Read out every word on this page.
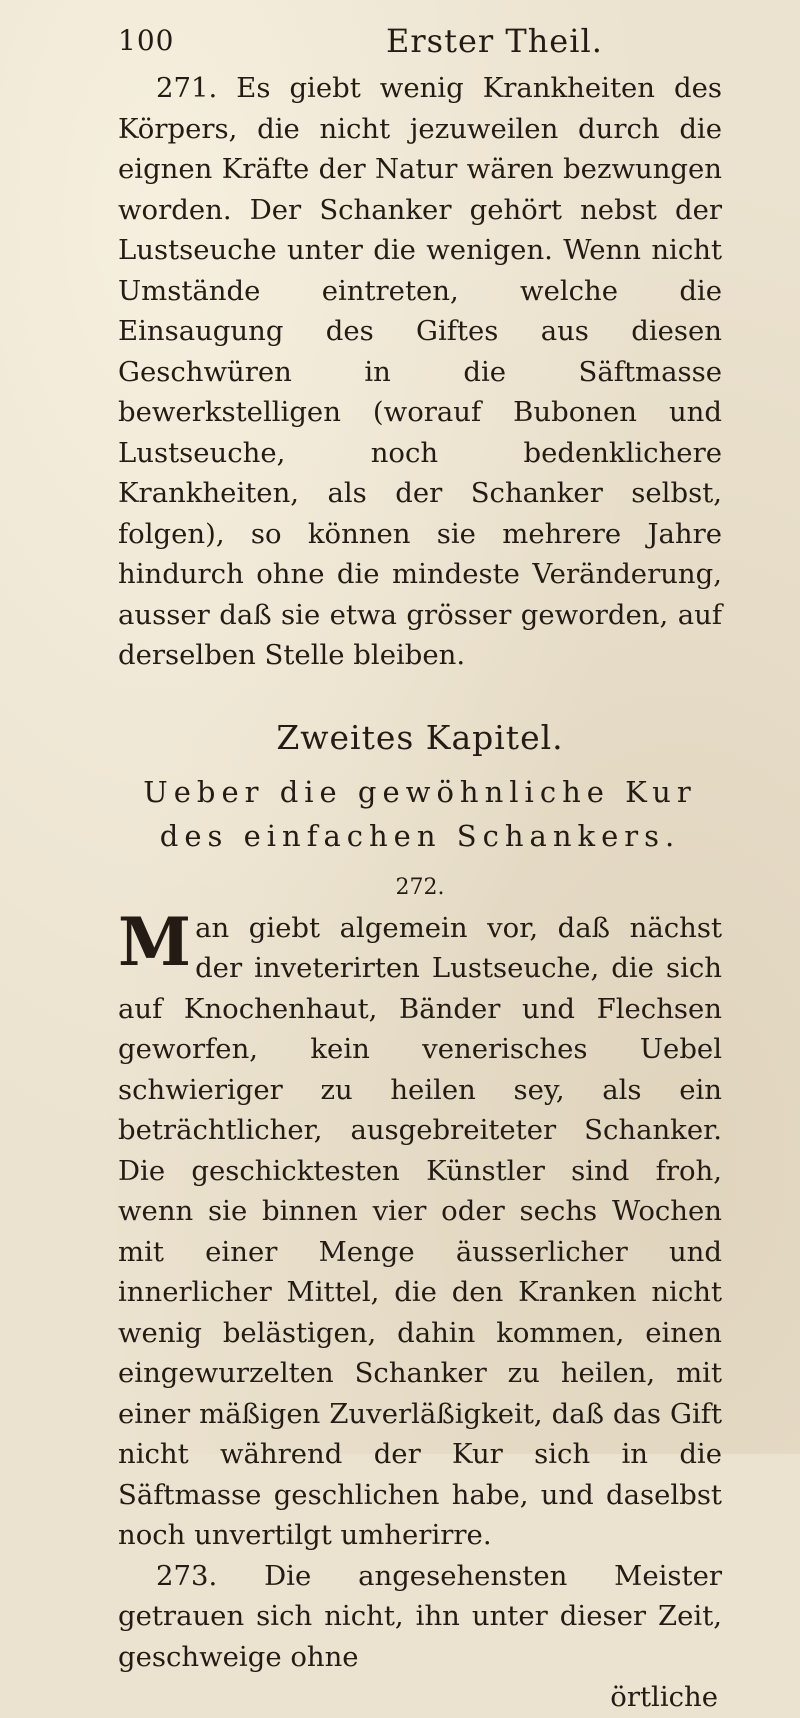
100	Erster Theil.

271. Es giebt wenig Krankheiten des Körpers, die nicht jezuweilen durch die eignen Kräfte der Natur wären bezwungen worden. Der Schanker gehört nebst der Lustseuche unter die wenigen. Wenn nicht Umstände eintreten, welche die Einsaugung des Giftes aus diesen Geschwüren in die Säftmasse bewerkstelligen (worauf Bubonen und Lustseuche, noch bedenklichere Krankheiten, als der Schanker selbst, folgen), so können sie mehrere Jahre hindurch ohne die mindeste Veränderung, ausser daß sie etwa grösser geworden, auf derselben Stelle bleiben.

Zweites Kapitel.
Ueber die gewöhnliche Kur des einfachen Schankers.
272.

Man giebt algemein vor, daß nächst der inveterirten Lustseuche, die sich auf Knochenhaut, Bänder und Flechsen geworfen, kein venerisches Uebel schwieriger zu heilen sey, als ein beträchtlicher, ausgebreiteter Schanker. Die geschicktesten Künstler sind froh, wenn sie binnen vier oder sechs Wochen mit einer Menge äusserlicher und innerlicher Mittel, die den Kranken nicht wenig belästigen, dahin kommen, einen eingewurzelten Schanker zu heilen, mit einer mäßigen Zuverläßigkeit, daß das Gift nicht während der Kur sich in die Säftmasse geschlichen habe, und daselbst noch unvertilgt umherirre.

273. Die angesehensten Meister getrauen sich nicht, ihn unter dieser Zeit, geschweige ohne

örtliche
